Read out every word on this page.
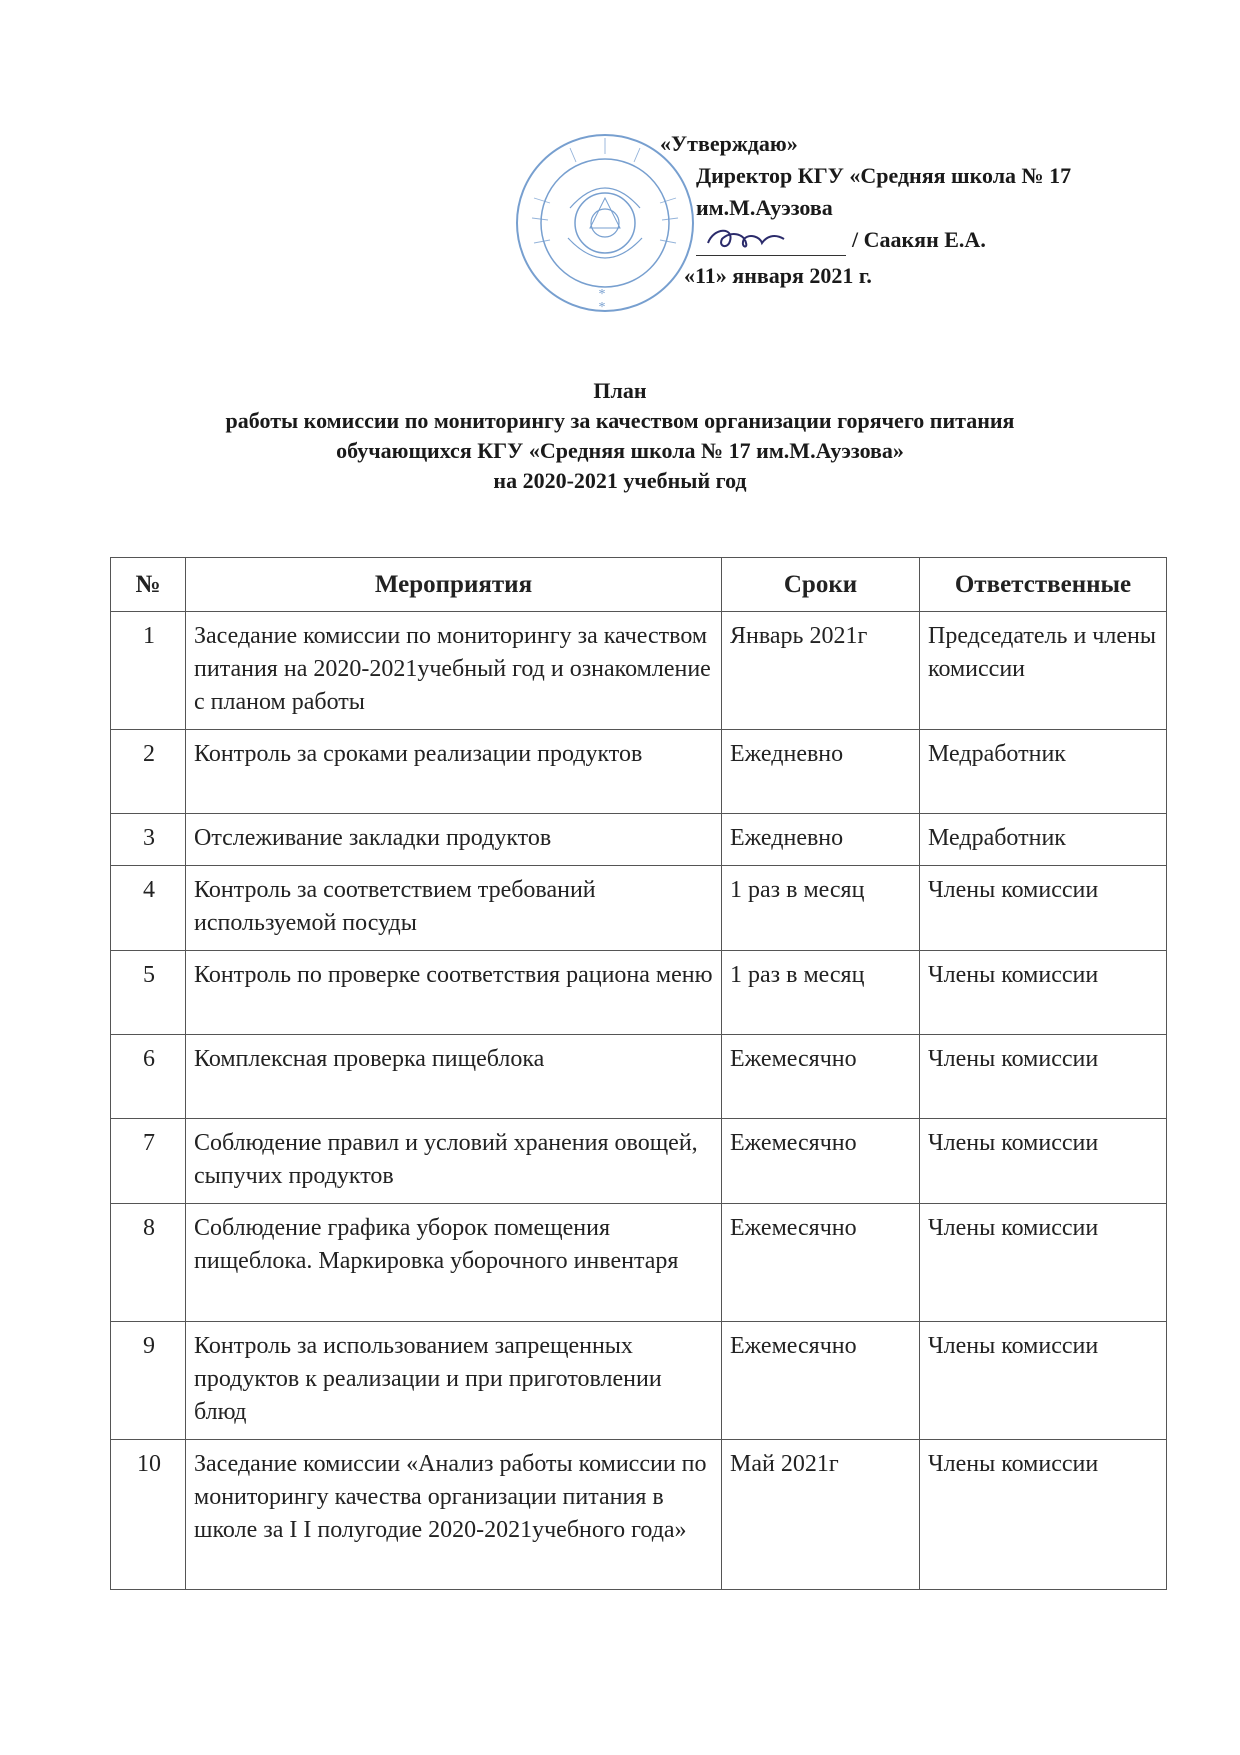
*
*
«Утверждаю»
Директор КГУ «Средняя школа № 17
им.М.Ауэзова
/ Саакян Е.А.
«11» января 2021 г.
План
работы комиссии по мониторингу за качеством организации горячего питания
обучающихся КГУ «Средняя школа № 17 им.М.Ауэзова»
на 2020-2021 учебный год
№	Мероприятия	Сроки	Ответственные
1	Заседание комиссии по мониторингу за качеством питания на 2020-2021учебный год и ознакомление с планом работы	Январь 2021г	Председатель и члены комиссии
2	Контроль за сроками реализации продуктов	Ежедневно	Медработник
3	Отслеживание закладки продуктов	Ежедневно	Медработник
4	Контроль за соответствием требований используемой посуды	1 раз в месяц	Члены комиссии
5	Контроль по проверке соответствия рациона меню	1 раз в месяц	Члены комиссии
6	Комплексная проверка пищеблока	Ежемесячно	Члены комиссии
7	Соблюдение правил и условий хранения овощей, сыпучих продуктов	Ежемесячно	Члены комиссии
8	Соблюдение графика уборок помещения пищеблока. Маркировка уборочного инвентаря	Ежемесячно	Члены комиссии
9	Контроль за использованием запрещенных продуктов к реализации и при приготовлении блюд	Ежемесячно	Члены комиссии
10	Заседание комиссии «Анализ работы комиссии по мониторингу качества организации питания в школе за I I полугодие 2020-2021учебного года»	Май 2021г	Члены комиссии
